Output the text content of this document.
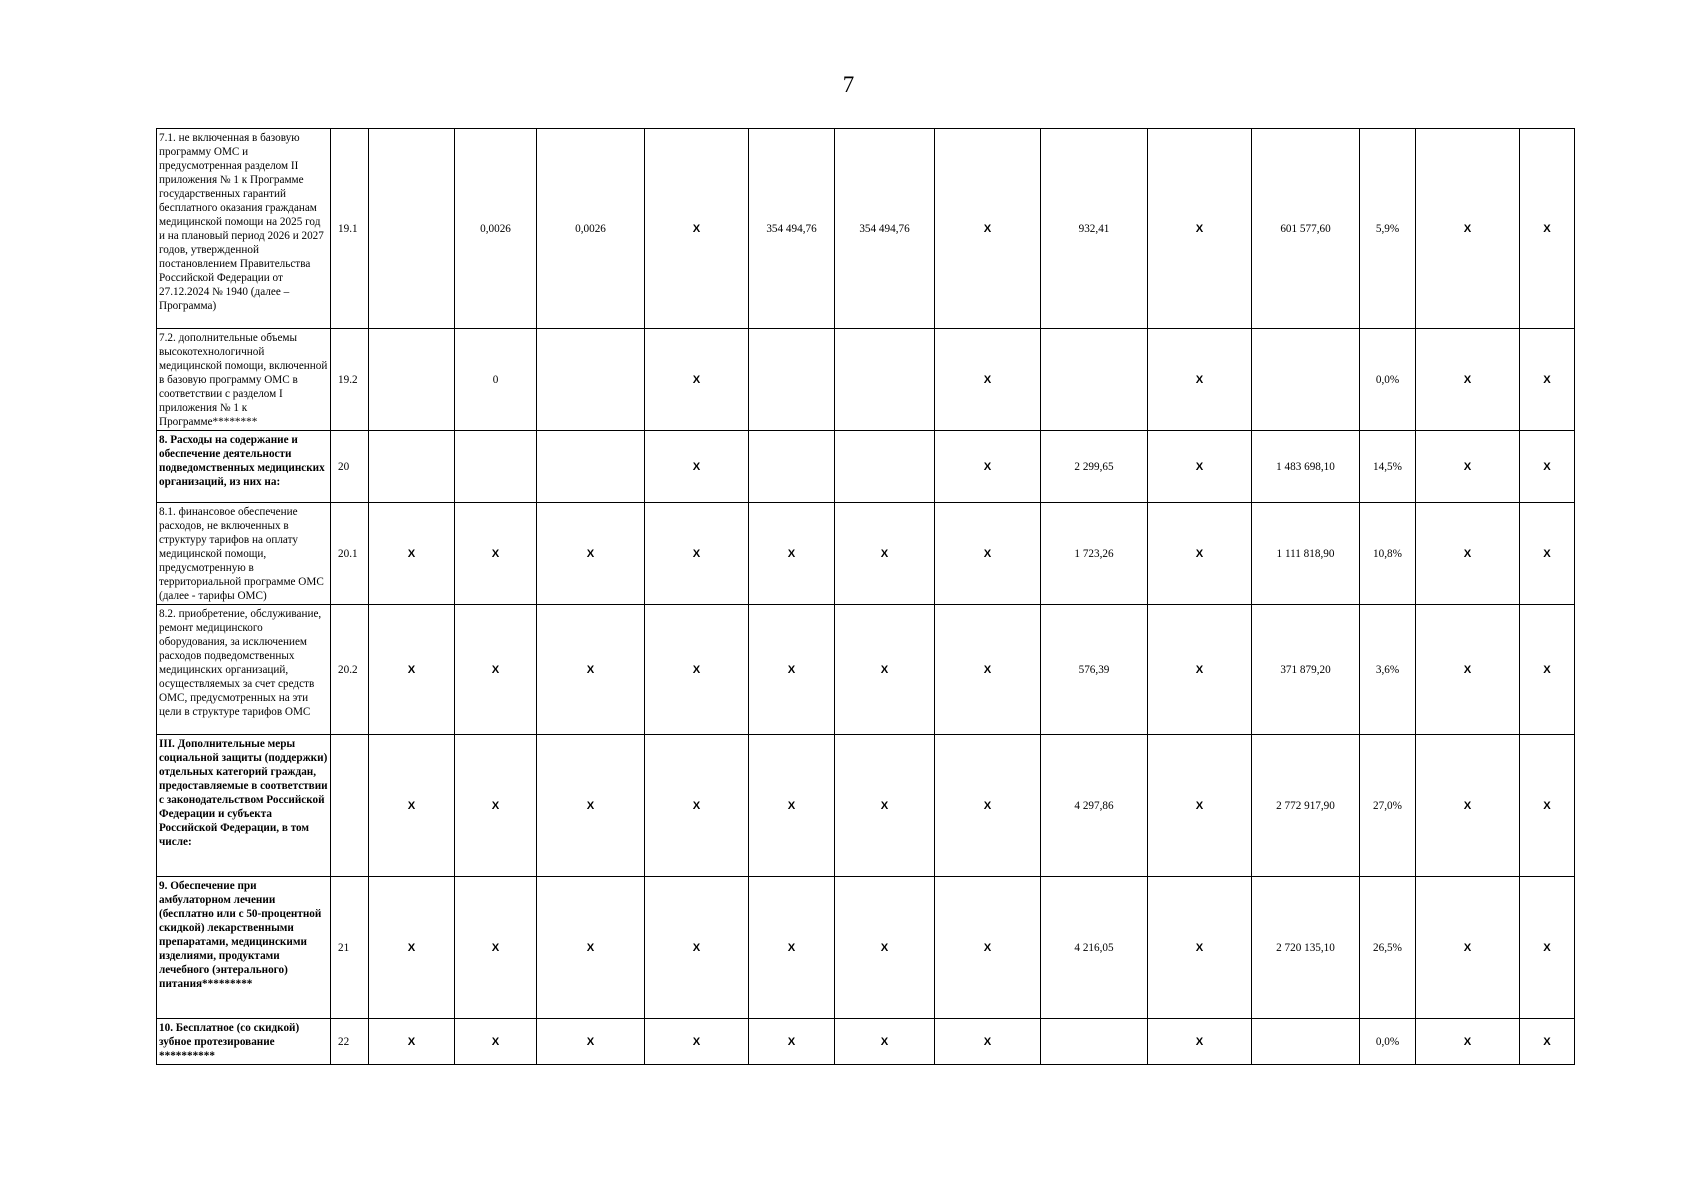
7
7.1. не включенная в базовую программу ОМС и предусмотренная разделом II приложения № 1 к Программе государственных гарантий бесплатного оказания гражданам медицинской помощи на 2025 год и на плановый период 2026 и 2027 годов, утвержденной постановлением Правительства Российской Федерации от 27.12.2024 № 1940 (далее – Программа)	19.1		0,0026	0,0026	X	354 494,76	354 494,76	X	932,41	X	601 577,60	5,9%	X	X
7.2. дополнительные объемы высокотехнологичной медицинской помощи, включенной в базовую программу ОМС в соответствии с разделом I приложения № 1 к Программе********	19.2		0		X			X		X		0,0%	X	X
8. Расходы на содержание и обеспечение деятельности подведомственных медицинских организаций, из них на:	20				X			X	2 299,65	X	1 483 698,10	14,5%	X	X
8.1. финансовое обеспечение расходов, не включенных в структуру тарифов на оплату медицинской помощи, предусмотренную в территориальной программе ОМС (далее - тарифы ОМС)	20.1	X	X	X	X	X	X	X	1 723,26	X	1 111 818,90	10,8%	X	X
8.2. приобретение, обслуживание, ремонт медицинского оборудования, за исключением расходов подведомственных медицинских организаций, осуществляемых за счет средств ОМС, предусмотренных на эти цели в структуре тарифов ОМС	20.2	X	X	X	X	X	X	X	576,39	X	371 879,20	3,6%	X	X
III. Дополнительные меры социальной защиты (поддержки) отдельных категорий граждан, предоставляемые в соответствии с законодательством Российской Федерации и субъекта Российской Федерации, в том числе:		X	X	X	X	X	X	X	4 297,86	X	2 772 917,90	27,0%	X	X
9. Обеспечение при амбулаторном лечении (бесплатно или с 50-процентной скидкой) лекарственными препаратами, медицинскими изделиями, продуктами лечебного (энтерального) питания*********	21	X	X	X	X	X	X	X	4 216,05	X	2 720 135,10	26,5%	X	X
10. Бесплатное (со скидкой) зубное протезирование **********	22	X	X	X	X	X	X	X		X		0,0%	X	X
